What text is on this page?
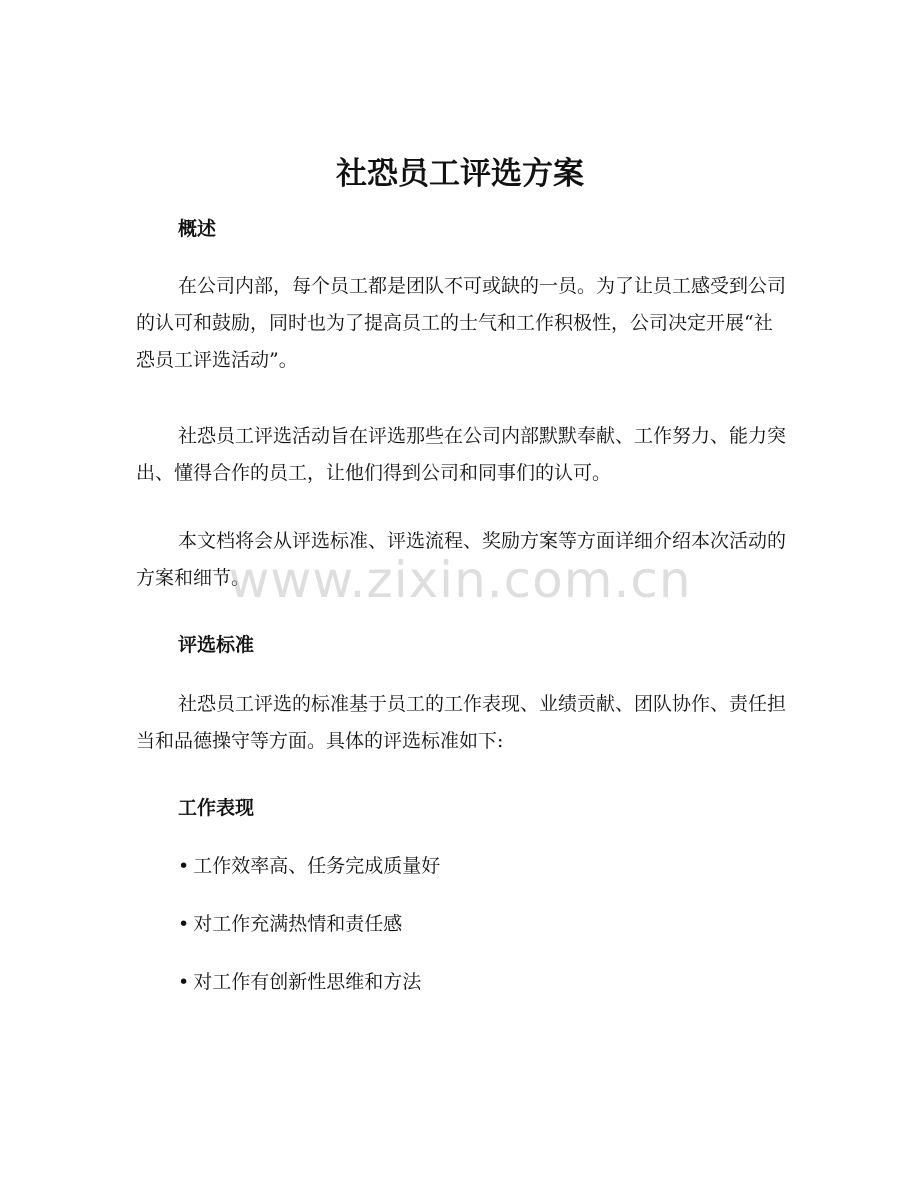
社恐员工评选方案
概述

在公司内部，每个员工都是团队不可或缺的一员。为了让员工感受到公司的认可和鼓励，同时也为了提高员工的士气和工作积极性，公司决定开展“社恐员工评选活动”。

社恐员工评选活动旨在评选那些在公司内部默默奉献、工作努力、能力突出、懂得合作的员工，让他们得到公司和同事们的认可。

本文档将会从评选标准、评选流程、奖励方案等方面详细介绍本次活动的方案和细节。

评选标准

社恐员工评选的标准基于员工的工作表现、业绩贡献、团队协作、责任担当和品德操守等方面。具体的评选标准如下:

工作表现

• 工作效率高、任务完成质量好

• 对工作充满热情和责任感

• 对工作有创新性思维和方法

www.zixin.com.cn
